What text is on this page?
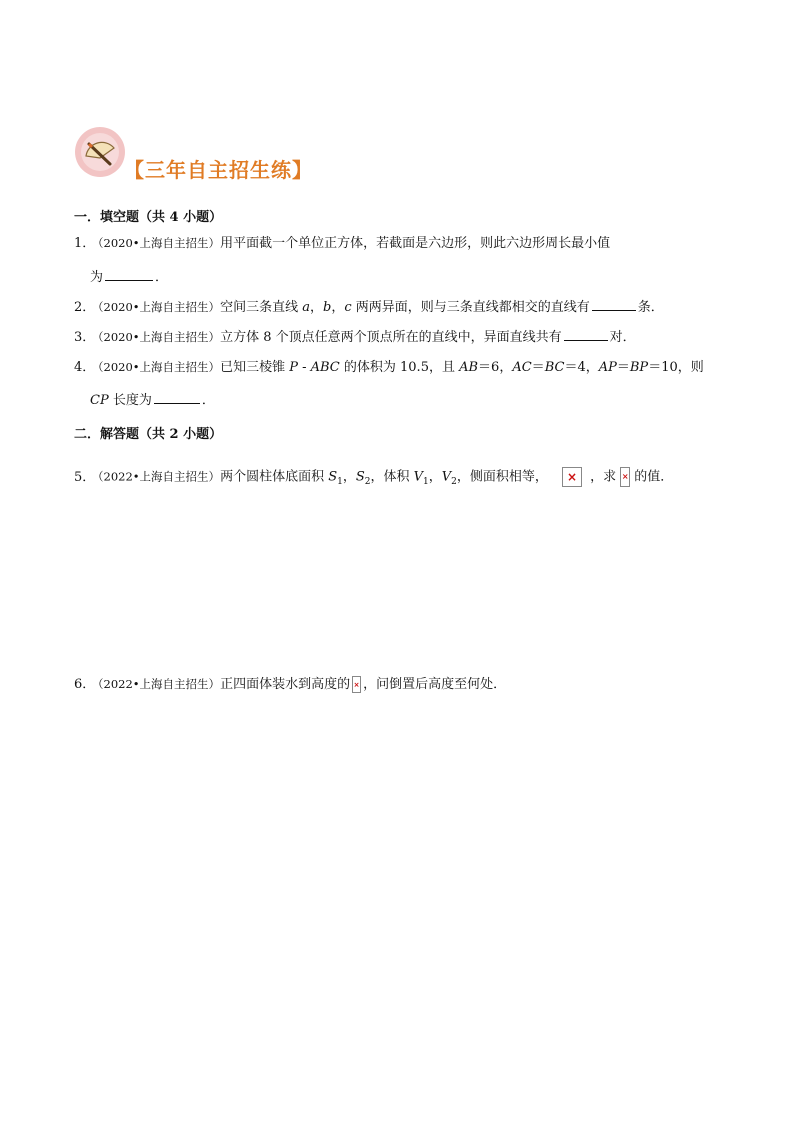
【三年自主招生练】
一．填空题（共 4 小题）
1．（2020•上海自主招生）用平面截一个单位正方体，若截面是六边形，则此六边形周长最小值
为	．
2．（2020•上海自主招生）空间三条直线 a，b，c 两两异面，则与三条直线都相交的直线有	条．
3．（2020•上海自主招生）立方体 8 个顶点任意两个顶点所在的直线中，异面直线共有	对．
4．（2020•上海自主招生）已知三棱锥 P - ABC 的体积为 10.5，且 AB＝6，AC＝BC＝4，AP＝BP＝10，则
CP 长度为	．
二．解答题（共 2 小题）
5．（2022•上海自主招生）两个圆柱体底面积 $S_1$，$S_2$，体积 $V_1$，$V_2$，侧面积相等，	× ，求 × 的值．
6．（2022•上海自主招生）正四面体装水到高度的 × ，问倒置后高度至何处．
